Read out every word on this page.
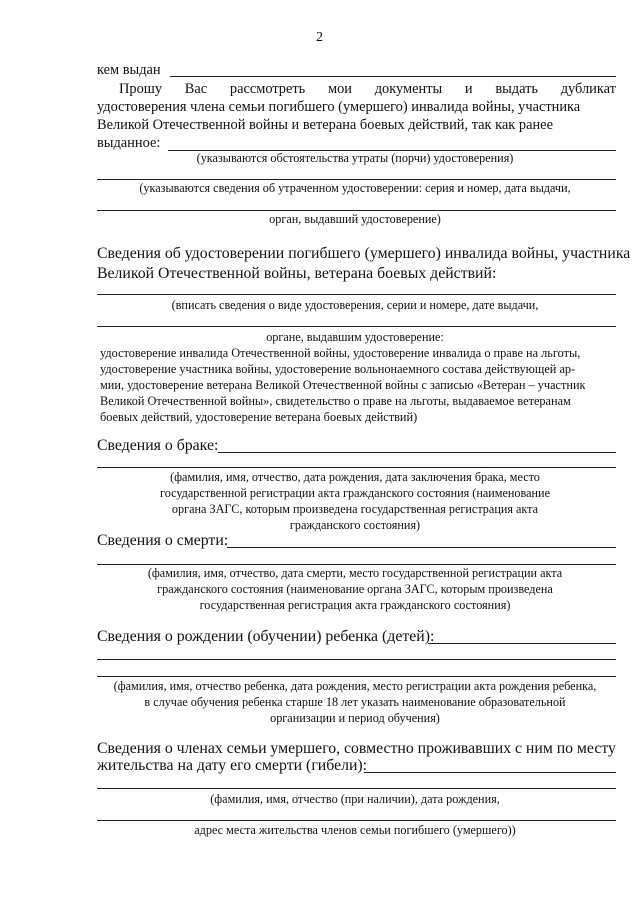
2
кем выдан
Прошу Вас рассмотреть мои документы и выдать дубликат
удостоверения члена семьи погибшего (умершего) инвалида войны, участника
Великой Отечественной войны и ветерана боевых действий, так как ранее
выданное:
(указываются обстоятельства утраты (порчи) удостоверения)
(указываются сведения об утраченном удостоверении: серия и номер, дата выдачи,
орган, выдавший удостоверение)
Сведения об удостоверении погибшего (умершего) инвалида войны, участника
Великой Отечественной войны, ветерана боевых действий:
(вписать сведения о виде удостоверения, серии и номере, дате выдачи,
органе, выдавшим удостоверение:
удостоверение инвалида Отечественной войны, удостоверение инвалида о праве на льготы,
удостоверение участника войны, удостоверение вольнонаемного состава действующей ар-
мии, удостоверение ветерана Великой Отечественной войны с записью «Ветеран – участник
Великой Отечественной войны», свидетельство о праве на льготы, выдаваемое ветеранам
боевых действий, удостоверение ветерана боевых действий)
Сведения о браке:
(фамилия, имя, отчество, дата рождения, дата заключения брака, место
государственной регистрации акта гражданского состояния (наименование
органа ЗАГС, которым произведена государственная регистрация акта
гражданского состояния)
Сведения о смерти:
(фамилия, имя, отчество, дата смерти, место государственной регистрации акта
гражданского состояния (наименование органа ЗАГС, которым произведена
государственная регистрация акта гражданского состояния)
Сведения о рождении (обучении) ребенка (детей):
(фамилия, имя, отчество ребенка, дата рождения, место регистрации акта рождения ребенка,
в случае обучения ребенка старше 18 лет указать наименование образовательной
организации и период обучения)
Сведения о членах семьи умершего, совместно проживавших с ним по месту
жительства на дату его смерти (гибели):
(фамилия, имя, отчество (при наличии), дата рождения,
адрес места жительства членов семьи погибшего (умершего))
